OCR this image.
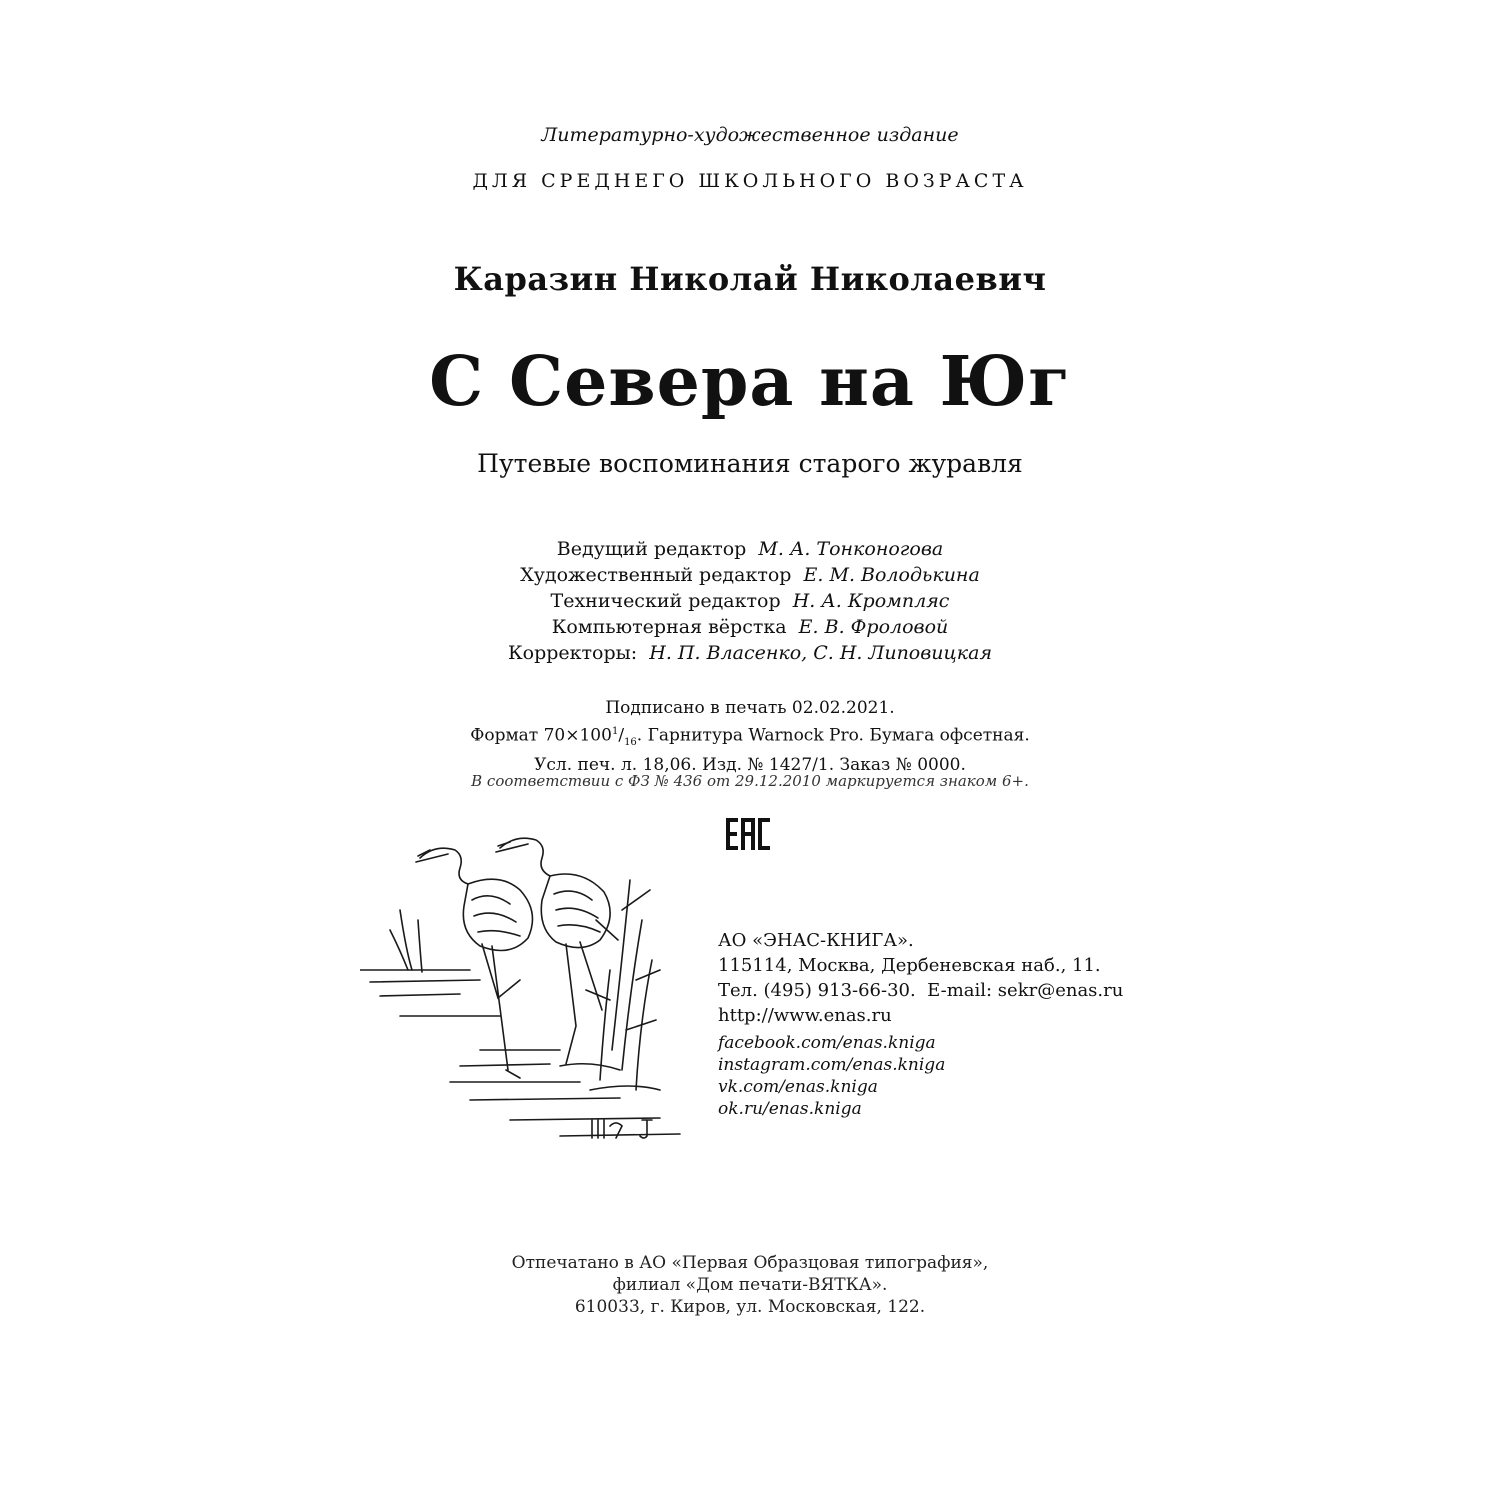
Литературно-художественное издание
ДЛЯ СРЕДНЕГО ШКОЛЬНОГО ВОЗРАСТА
Каразин Николай Николаевич
С Севера на Юг
Путевые воспоминания старого журавля
Ведущий редактор М. А. Тонконогова
Художественный редактор Е. М. Володькина
Технический редактор Н. А. Кромпляс
Компьютерная вёрстка Е. В. Фроловой
Корректоры: Н. П. Власенко, С. Н. Липовицкая
Подписано в печать 02.02.2021.
Формат $70\times 100^1/_{16}$. Гарнитура Warnock Pro. Бумага офсетная.
Усл. печ. л. 18,06. Изд. № 1427/1. Заказ № 0000.
В соответствии с ФЗ № 436 от 29.12.2010 маркируется знаком 6+.
АО «ЭНАС-КНИГА».
115114, Москва, Дербеневская наб., 11.
Тел. (495) 913-66-30.  E-mail: sekr@enas.ru
http://www.enas.ru
facebook.com/enas.kniga
instagram.com/enas.kniga
vk.com/enas.kniga
ok.ru/enas.kniga
Отпечатано в АО «Первая Образцовая типография»,
филиал «Дом печати-ВЯТКА».
610033, г. Киров, ул. Московская, 122.
